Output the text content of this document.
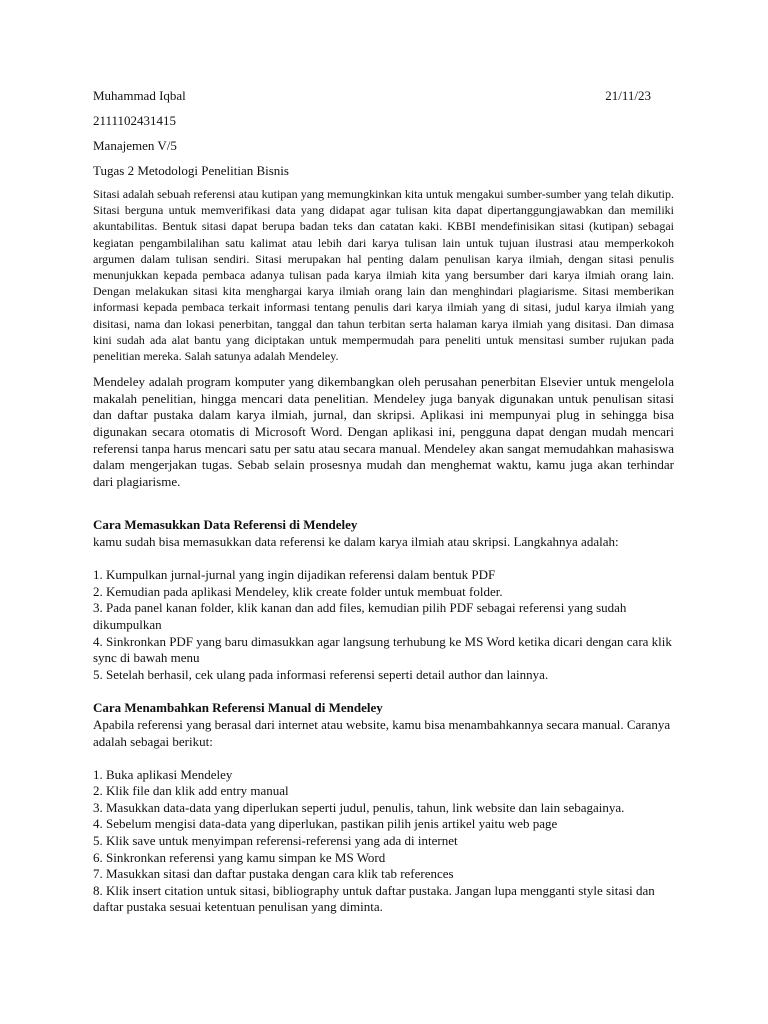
Muhammad Iqbal	21/11/23
2111102431415
Manajemen V/5
Tugas 2 Metodologi Penelitian Bisnis

Sitasi adalah sebuah referensi atau kutipan yang memungkinkan kita untuk mengakui sumber-sumber yang telah dikutip. Sitasi berguna untuk memverifikasi data yang didapat agar tulisan kita dapat dipertanggungjawabkan dan memiliki akuntabilitas. Bentuk sitasi dapat berupa badan teks dan catatan kaki. KBBI mendefinisikan sitasi (kutipan) sebagai kegiatan pengambilalihan satu kalimat atau lebih dari karya tulisan lain untuk tujuan ilustrasi atau memperkokoh argumen dalam tulisan sendiri. Sitasi merupakan hal penting dalam penulisan karya ilmiah, dengan sitasi penulis menunjukkan kepada pembaca adanya tulisan pada karya ilmiah kita yang bersumber dari karya ilmiah orang lain. Dengan melakukan sitasi kita menghargai karya ilmiah orang lain dan menghindari plagiarisme. Sitasi memberikan informasi kepada pembaca terkait informasi tentang penulis dari karya ilmiah yang di sitasi, judul karya ilmiah yang disitasi, nama dan lokasi penerbitan, tanggal dan tahun terbitan serta halaman karya ilmiah yang disitasi. Dan dimasa kini sudah ada alat bantu yang diciptakan untuk mempermudah para peneliti untuk mensitasi sumber rujukan pada penelitian mereka. Salah satunya adalah Mendeley.

Mendeley adalah program komputer yang dikembangkan oleh perusahan penerbitan Elsevier untuk mengelola makalah penelitian, hingga mencari data penelitian. Mendeley juga banyak digunakan untuk penulisan sitasi dan daftar pustaka dalam karya ilmiah, jurnal, dan skripsi. Aplikasi ini mempunyai plug in sehingga bisa digunakan secara otomatis di Microsoft Word. Dengan aplikasi ini, pengguna dapat dengan mudah mencari referensi tanpa harus mencari satu per satu atau secara manual. Mendeley akan sangat memudahkan mahasiswa dalam mengerjakan tugas. Sebab selain prosesnya mudah dan menghemat waktu, kamu juga akan terhindar dari plagiarisme.

Cara Memasukkan Data Referensi di Mendeley

kamu sudah bisa memasukkan data referensi ke dalam karya ilmiah atau skripsi. Langkahnya adalah:

1. Kumpulkan jurnal-jurnal yang ingin dijadikan referensi dalam bentuk PDF
2. Kemudian pada aplikasi Mendeley, klik create folder untuk membuat folder.
3. Pada panel kanan folder, klik kanan dan add files, kemudian pilih PDF sebagai referensi yang sudah dikumpulkan
4. Sinkronkan PDF yang baru dimasukkan agar langsung terhubung ke MS Word ketika dicari dengan cara klik sync di bawah menu
5. Setelah berhasil, cek ulang pada informasi referensi seperti detail author dan lainnya.
Cara Menambahkan Referensi Manual di Mendeley

Apabila referensi yang berasal dari internet atau website, kamu bisa menambahkannya secara manual. Caranya adalah sebagai berikut:

1. Buka aplikasi Mendeley
2. Klik file dan klik add entry manual
3. Masukkan data-data yang diperlukan seperti judul, penulis, tahun, link website dan lain sebagainya.
4. Sebelum mengisi data-data yang diperlukan, pastikan pilih jenis artikel yaitu web page
5. Klik save untuk menyimpan referensi-referensi yang ada di internet
6. Sinkronkan referensi yang kamu simpan ke MS Word
7. Masukkan sitasi dan daftar pustaka dengan cara klik tab references
8. Klik insert citation untuk sitasi, bibliography untuk daftar pustaka. Jangan lupa mengganti style sitasi dan daftar pustaka sesuai ketentuan penulisan yang diminta.
